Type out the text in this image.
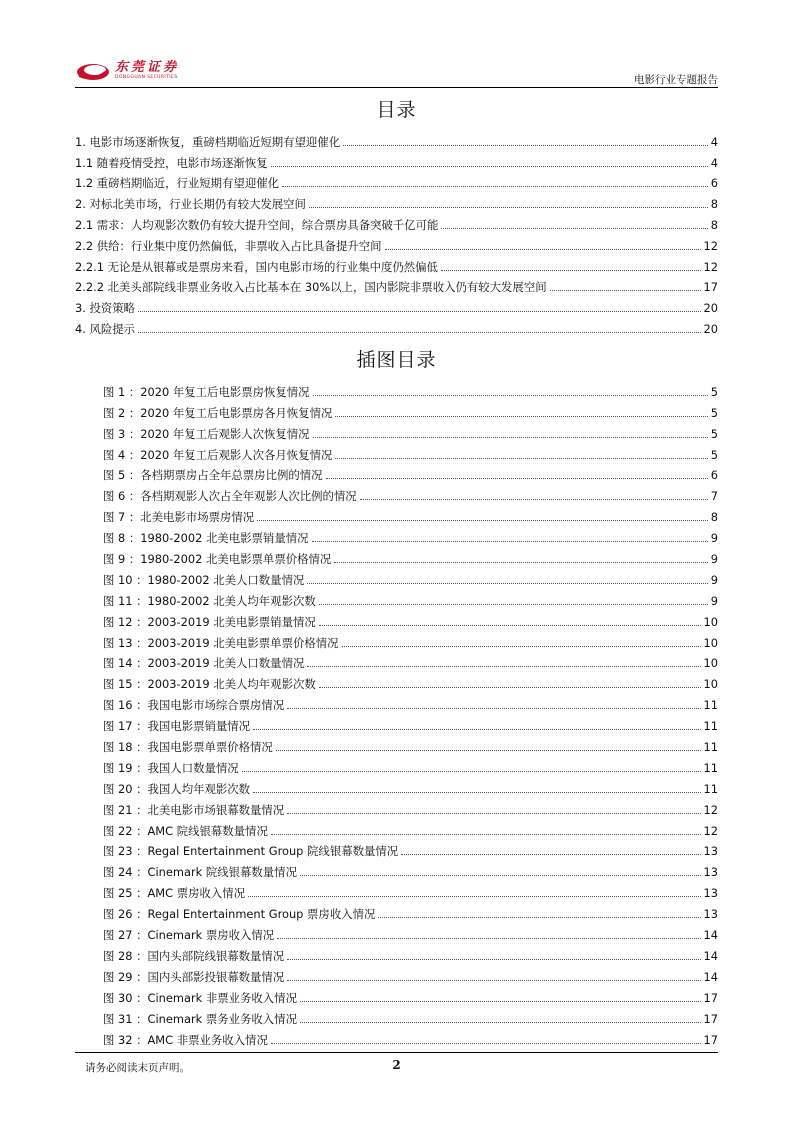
东莞证券
DONGGUAN SECURITIES	电影行业专题报告
目录
1. 电影市场逐渐恢复，重磅档期临近短期有望迎催化	4
1.1 随着疫情受控，电影市场逐渐恢复	4
1.2 重磅档期临近，行业短期有望迎催化	6
2. 对标北美市场，行业长期仍有较大发展空间	8
2.1 需求：人均观影次数仍有较大提升空间，综合票房具备突破千亿可能	8
2.2 供给：行业集中度仍然偏低，非票收入占比具备提升空间	12
2.2.1 无论是从银幕或是票房来看，国内电影市场的行业集中度仍然偏低	12
2.2.2 北美头部院线非票业务收入占比基本在 30%以上，国内影院非票收入仍有较大发展空间	17
3. 投资策略	20
4. 风险提示	20
插图目录
图 1 ：2020 年复工后电影票房恢复情况	5
图 2 ：2020 年复工后电影票房各月恢复情况	5
图 3 ：2020 年复工后观影人次恢复情况	5
图 4 ：2020 年复工后观影人次各月恢复情况	5
图 5 ：各档期票房占全年总票房比例的情况	6
图 6 ：各档期观影人次占全年观影人次比例的情况	7
图 7 ：北美电影市场票房情况	8
图 8 ：1980-2002 北美电影票销量情况	9
图 9 ：1980-2002 北美电影票单票价格情况	9
图 10 ：1980-2002 北美人口数量情况	9
图 11 ：1980-2002 北美人均年观影次数	9
图 12 ：2003-2019 北美电影票销量情况	10
图 13 ：2003-2019 北美电影票单票价格情况	10
图 14 ：2003-2019 北美人口数量情况	10
图 15 ：2003-2019 北美人均年观影次数	10
图 16 ：我国电影市场综合票房情况	11
图 17 ：我国电影票销量情况	11
图 18 ：我国电影票单票价格情况	11
图 19 ：我国人口数量情况	11
图 20 ：我国人均年观影次数	11
图 21 ：北美电影市场银幕数量情况	12
图 22 ：AMC 院线银幕数量情况	12
图 23 ：Regal Entertainment Group 院线银幕数量情况	13
图 24 ：Cinemark 院线银幕数量情况	13
图 25 ：AMC 票房收入情况	13
图 26 ：Regal Entertainment Group 票房收入情况	13
图 27 ：Cinemark 票房收入情况	14
图 28 ：国内头部院线银幕数量情况	14
图 29 ：国内头部影投银幕数量情况	14
图 30 ：Cinemark 非票业务收入情况	17
图 31 ：Cinemark 票务业务收入情况	17
图 32 ：AMC 非票业务收入情况	17
请务必阅读末页声明。	2
